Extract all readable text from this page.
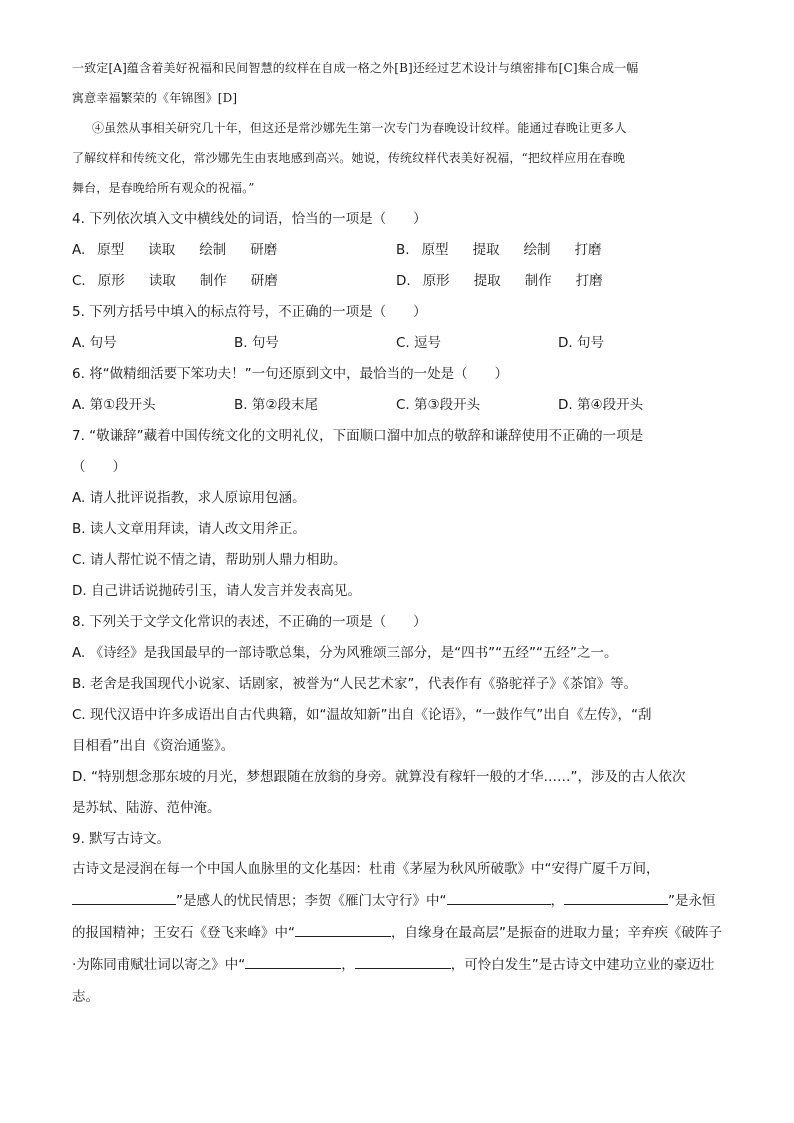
一致定[A]蕴含着美好祝福和民间智慧的纹样在自成一格之外[B]还经过艺术设计与缜密排布[C]集合成一幅

寓意幸福繁荣的《年锦图》[D]

④虽然从事相关研究几十年，但这还是常沙娜先生第一次专门为春晚设计纹样。能通过春晚让更多人

了解纹样和传统文化，常沙娜先生由衷地感到高兴。她说，传统纹样代表美好祝福，“把纹样应用在春晚

舞台，是春晚给所有观众的祝福。”

4. 下列依次填入文中横线处的词语，恰当的一项是（　　）

A. 原型 读取 绘制 研磨	B. 原型 提取 绘制 打磨
C. 原形 读取 制作 研磨	D. 原形 提取 制作 打磨

5. 下列方括号中填入的标点符号，不正确的一项是（　　）

A. 句号	B. 句号	C. 逗号	D. 句号

6. 将“做精细活要下笨功夫！”一句还原到文中，最恰当的一处是（　　）

A. 第①段开头	B. 第②段末尾	C. 第③段开头	D. 第④段开头

7. “敬谦辞”藏着中国传统文化的文明礼仪，下面顺口溜中加点的敬辞和谦辞使用不正确的一项是

（　　）

A. 请人批评说指教，求人原谅用包涵。

B. 读人文章用拜读，请人改文用斧正。

C. 请人帮忙说不情之请，帮助别人鼎力相助。

D. 自己讲话说抛砖引玉，请人发言并发表高见。

8. 下列关于文学文化常识的表述，不正确的一项是（　　）

A. 《诗经》是我国最早的一部诗歌总集，分为风雅颂三部分，是“四书”“五经”“五经”之一。

B. 老舍是我国现代小说家、话剧家，被誉为“人民艺术家”，代表作有《骆驼祥子》《茶馆》等。

C. 现代汉语中许多成语出自古代典籍，如“温故知新”出自《论语》，“一鼓作气”出自《左传》，“刮

目相看”出自《资治通鉴》。

D. “特别想念那东坡的月光，梦想跟随在放翁的身旁。就算没有稼轩一般的才华……”，涉及的古人依次

是苏轼、陆游、范仲淹。

9. 默写古诗文。

古诗文是浸润在每一个中国人血脉里的文化基因：杜甫《茅屋为秋风所破歌》中“安得广厦千万间，”是感人的忧民情思；李贺《雁门太守行》中“	，	”是永恒的报国精神；王安石《登飞来峰》中“	，自缘身在最高层”是振奋的进取力量；辛弃疾《破阵子·为陈同甫赋壮词以寄之》中“	，	，可怜白发生”是古诗文中建功立业的豪迈壮志。
